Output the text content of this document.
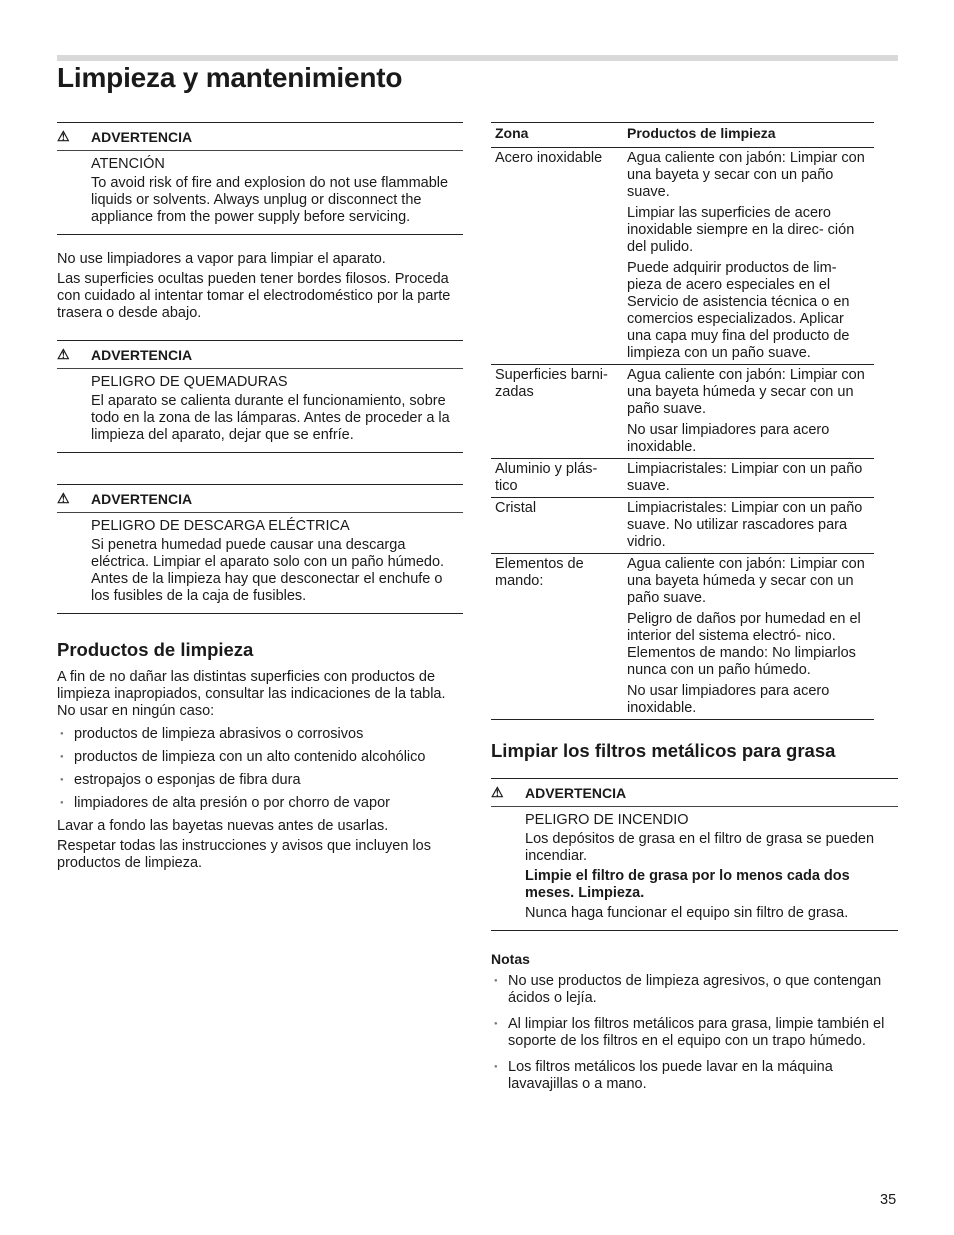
Limpieza y mantenimiento
⚠	ADVERTENCIA

ATENCIÓN

To avoid risk of fire and explosion do not use flammable liquids or solvents. Always unplug or disconnect the appliance from the power supply before servicing.

No use limpiadores a vapor para limpiar el aparato.

Las superficies ocultas pueden tener bordes filosos. Proceda con cuidado al intentar tomar el electrodoméstico por la parte trasera o desde abajo.

⚠	ADVERTENCIA

PELIGRO DE QUEMADURAS

El aparato se calienta durante el funcionamiento, sobre todo en la zona de las lámparas. Antes de proceder a la limpieza del aparato, dejar que se enfríe.

⚠	ADVERTENCIA

PELIGRO DE DESCARGA ELÉCTRICA

Si penetra humedad puede causar una descarga eléctrica. Limpiar el aparato solo con un paño húmedo. Antes de la limpieza hay que desconectar el enchufe o los fusibles de la caja de fusibles.

Productos de limpieza

A fin de no dañar las distintas superficies con productos de limpieza inapropiados, consultar las indicaciones de la tabla. No usar en ningún caso:

● productos de limpieza abrasivos o corrosivos
● productos de limpieza con un alto contenido alcohólico
● estropajos o esponjas de fibra dura
● limpiadores de alta presión o por chorro de vapor

Lavar a fondo las bayetas nuevas antes de usarlas.

Respetar todas las instrucciones y avisos que incluyen los productos de limpieza.

Zona	Productos de limpieza
Acero inoxidable	Agua caliente con jabón: Limpiar con una bayeta y secar con un paño suave.

Limpiar las superficies de acero inoxidable siempre en la direc- ción del pulido.

Puede adquirir productos de lim- pieza de acero especiales en el Servicio de asistencia técnica o en comercios especializados. Aplicar una capa muy fina del producto de limpieza con un paño suave.

Superficies barni- zadas	Agua caliente con jabón: Limpiar con una bayeta húmeda y secar con un paño suave.

No usar limpiadores para acero inoxidable.

Aluminio y plás- tico	Limpiacristales: Limpiar con un paño suave.

Cristal	Limpiacristales: Limpiar con un paño suave. No utilizar rascadores para vidrio.

Elementos de mando:	Agua caliente con jabón: Limpiar con una bayeta húmeda y secar con un paño suave.

Peligro de daños por humedad en el interior del sistema electró- nico. Elementos de mando: No limpiarlos nunca con un paño húmedo.

No usar limpiadores para acero inoxidable.

Limpiar los filtros metálicos para grasa
⚠	ADVERTENCIA

PELIGRO DE INCENDIO

Los depósitos de grasa en el filtro de grasa se pueden incendiar.

Limpie el filtro de grasa por lo menos cada dos meses. Limpieza.

Nunca haga funcionar el equipo sin filtro de grasa.

Notas
● No use productos de limpieza agresivos, o que contengan ácidos o lejía.
● Al limpiar los filtros metálicos para grasa, limpie también el soporte de los filtros en el equipo con un trapo húmedo.
● Los filtros metálicos los puede lavar en la máquina lavavajillas o a mano.
35
